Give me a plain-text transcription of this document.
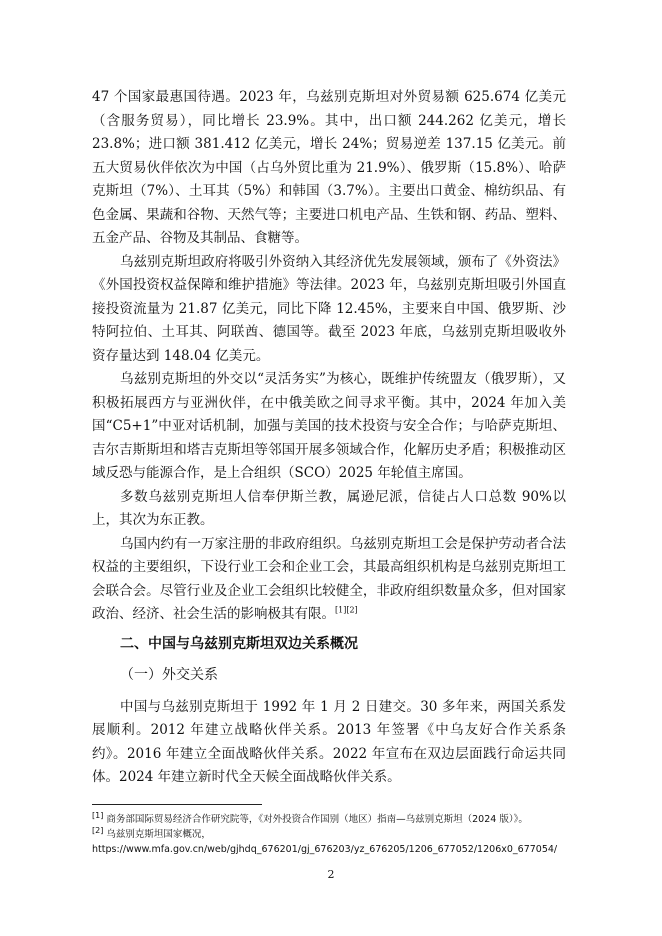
47 个国家最惠国待遇。2023 年，乌兹别克斯坦对外贸易额 625.674 亿美元（含服务贸易），同比增长 23.9%。其中，出口额 244.262 亿美元，增长 23.8%；进口额 381.412 亿美元，增长 24%；贸易逆差 137.15 亿美元。前五大贸易伙伴依次为中国（占乌外贸比重为 21.9%）、俄罗斯（15.8%）、哈萨克斯坦（7%）、土耳其（5%）和韩国（3.7%）。主要出口黄金、棉纺织品、有色金属、果蔬和谷物、天然气等；主要进口机电产品、生铁和钢、药品、塑料、五金产品、谷物及其制品、食糖等。

乌兹别克斯坦政府将吸引外资纳入其经济优先发展领域，颁布了《外资法》《外国投资权益保障和维护措施》等法律。2023 年，乌兹别克斯坦吸引外国直接投资流量为 21.87 亿美元，同比下降 12.45%，主要来自中国、俄罗斯、沙特阿拉伯、土耳其、阿联酋、德国等。截至 2023 年底，乌兹别克斯坦吸收外资存量达到 148.04 亿美元。

乌兹别克斯坦的外交以“灵活务实”为核心，既维护传统盟友（俄罗斯），又积极拓展西方与亚洲伙伴，在中俄美欧之间寻求平衡。其中，2024 年加入美国“C5+1”中亚对话机制，加强与美国的技术投资与安全合作；与哈萨克斯坦、吉尔吉斯斯坦和塔吉克斯坦等邻国开展多领域合作，化解历史矛盾；积极推动区域反恐与能源合作，是上合组织（SCO）2025 年轮值主席国。

多数乌兹别克斯坦人信奉伊斯兰教，属逊尼派，信徒占人口总数 90%以上，其次为东正教。

乌国内约有一万家注册的非政府组织。乌兹别克斯坦工会是保护劳动者合法权益的主要组织，下设行业工会和企业工会，其最高组织机构是乌兹别克斯坦工会联合会。尽管行业及企业工会组织比较健全，非政府组织数量众多，但对国家政治、经济、社会生活的影响极其有限。[1][2]

二、中国与乌兹别克斯坦双边关系概况

（一）外交关系

中国与乌兹别克斯坦于 1992 年 1 月 2 日建交。30 多年来，两国关系发展顺利。2012 年建立战略伙伴关系。2013 年签署《中乌友好合作关系条约》。2016 年建立全面战略伙伴关系。2022 年宣布在双边层面践行命运共同体。2024 年建立新时代全天候全面战略伙伴关系。

[1] 商务部国际贸易经济合作研究院等，《对外投资合作国别（地区）指南—乌兹别克斯坦（2024 版）》。

[2] 乌兹别克斯坦国家概况，

https://www.mfa.gov.cn/web/gjhdq_676201/gj_676203/yz_676205/1206_677052/1206x0_677054/

2
